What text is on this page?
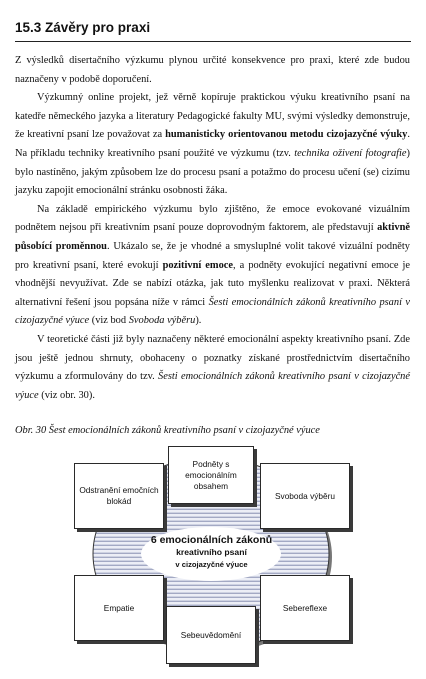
15.3 Závěry pro praxi

Z výsledků disertačního výzkumu plynou určité konsekvence pro praxi, které zde budou naznačeny v podobě doporučení.

Výzkumný online projekt, jež věrně kopíruje praktickou výuku kreativního psaní na katedře německého jazyka a literatury Pedagogické fakulty MU, svými výsledky demonstruje, že kreativní psaní lze považovat za humanisticky orientovanou metodu cizojazyčné výuky. Na příkladu techniky kreativního psaní použité ve výzkumu (tzv. technika oživení fotografie) bylo nastíněno, jakým způsobem lze do procesu psaní a potažmo do procesu učení (se) cizímu jazyku zapojit emocionální stránku osobnosti žáka.

Na základě empirického výzkumu bylo zjištěno, že emoce evokované vizuálním podnětem nejsou při kreativním psaní pouze doprovodným faktorem, ale představují aktivně působící proměnnou. Ukázalo se, že je vhodné a smysluplné volit takové vizuální podněty pro kreativní psaní, které evokují pozitivní emoce, a podněty evokující negativní emoce je vhodnější nevyužívat. Zde se nabízí otázka, jak tuto myšlenku realizovat v praxi. Některá alternativní řešení jsou popsána níže v rámci Šesti emocionálních zákonů kreativního psaní v cizojazyčné výuce (viz bod Svoboda výběru).

V teoretické části již byly naznačeny některé emocionální aspekty kreativního psaní. Zde jsou ještě jednou shrnuty, obohaceny o poznatky získané prostřednictvím disertačního výzkumu a zformulovány do tzv. Šesti emocionálních zákonů kreativního psaní v cizojazyčné výuce (viz obr. 30).

Obr. 30 Šest emocionálních zákonů kreativního psaní v cizojazyčné výuce
6 emocionálních zákonů
kreativního psaní
v cizojazyčné výuce
Podněty s emocionálním obsahem
Odstranění emočních blokád
Svoboda výběru
Empatie	Sebereflexe
Sebeuvědomění
